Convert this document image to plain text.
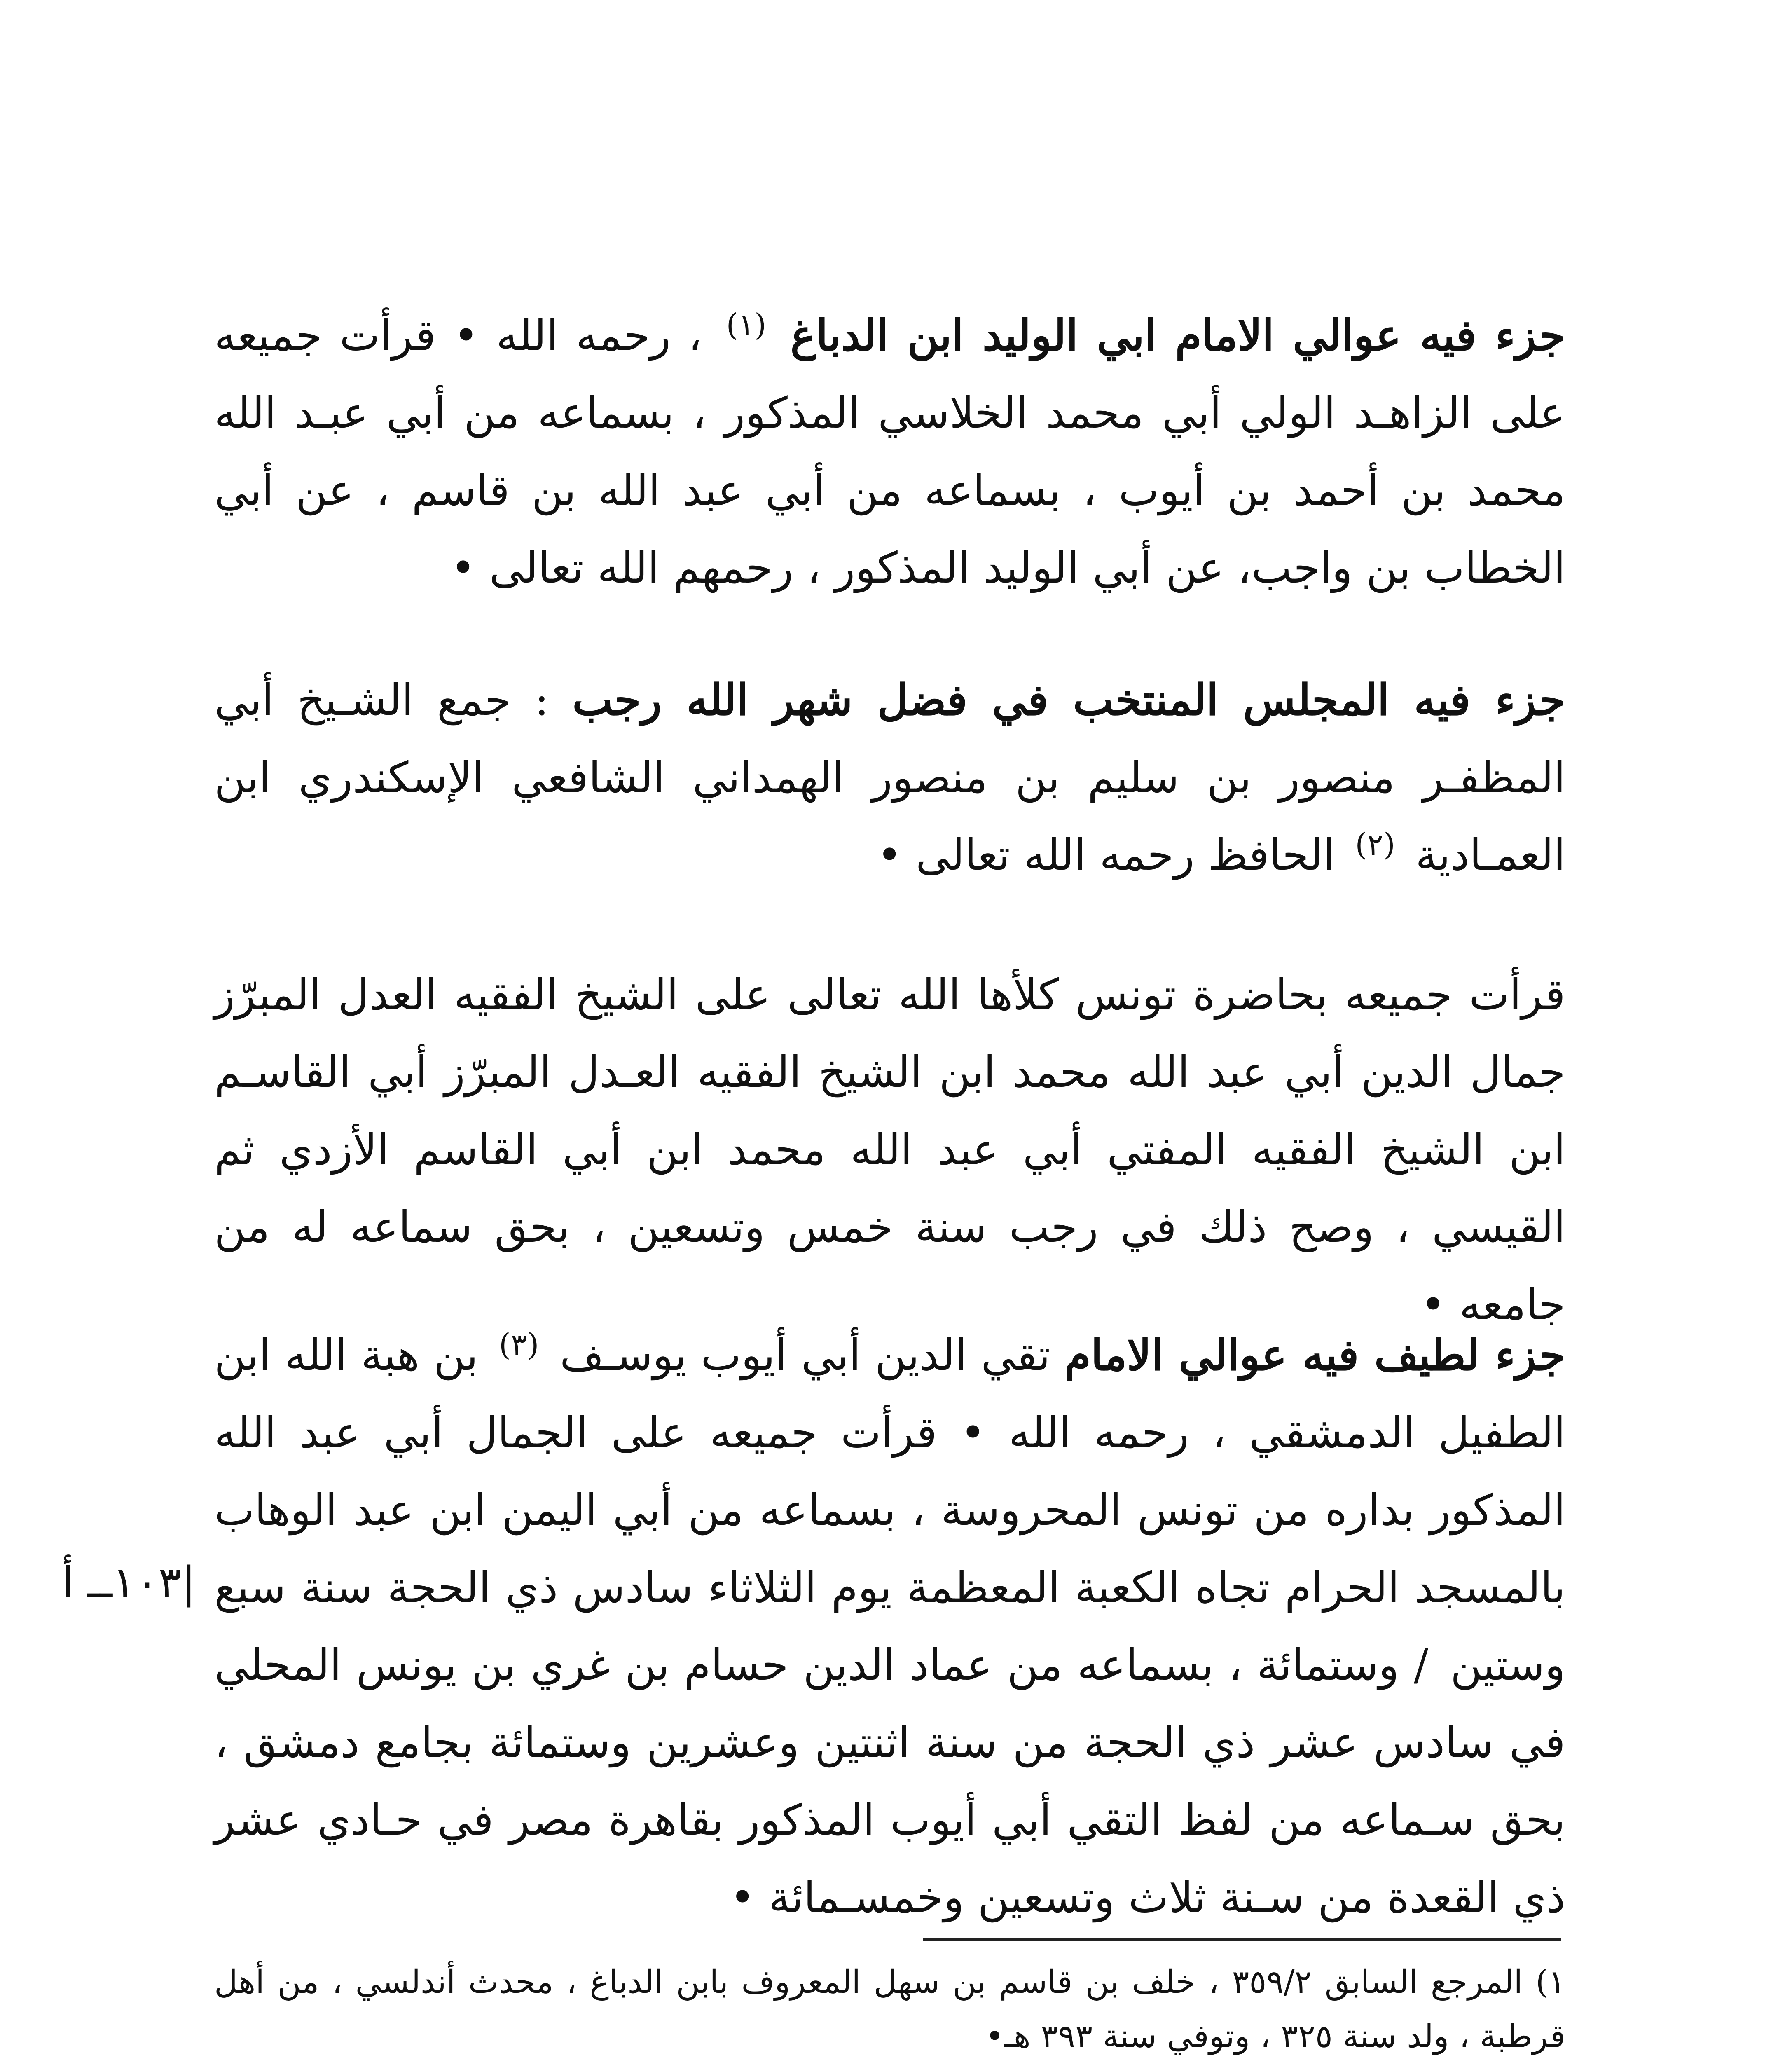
جزء فيه عوالي الامام ابي الوليد ابن الدباغ $^{(١)}$ ، رحمه الله • قرأت جميعه على الزاهـد الولي أبي محمد الخلاسي المذكور ، بسماعه من أبي عبـد الله محمد بن أحمد بن أيوب ، بسماعه من أبي عبد الله بن قاسم ، عن أبي الخطاب بن واجب، عن أبي الوليد المذكور ، رحمهم الله تعالى •
جزء فيه المجلس المنتخب في فضل شهر الله رجب : جمع الشـيخ أبي المظفـر منصور بن سليم بن منصور الهمداني الشافعي الإسكندري ابن العمـادية $^{(٢)}$ الحافظ رحمه الله تعالى •
قرأت جميعه بحاضرة تونس كلأها الله تعالى على الشيخ الفقيه العدل المبرّز جمال الدين أبي عبد الله محمد ابن الشيخ الفقيه العـدل المبرّز أبي القاسـم ابن الشيخ الفقيه المفتي أبي عبد الله محمد ابن أبي القاسم الأزدي ثم القيسي ، وصح ذلك في رجب سنة خمس وتسعين ، بحق سماعه له من جامعه •
جزء لطيف فيه عوالي الامام تقي الدين أبي أيوب يوسـف $^{(٣)}$ بن هبة الله ابن الطفيل الدمشقي ، رحمه الله • قرأت جميعه على الجمال أبي عبد الله المذكور بداره من تونس المحروسة ، بسماعه من أبي اليمن ابن عبد الوهاب بالمسجد الحرام تجاه الكعبة المعظمة يوم الثلاثاء سادس ذي الحجة سنة سبع وستين / وستمائة ، بسماعه من عماد الدين حسام بن غري بن يونس المحلي في سادس عشر ذي الحجة من سنة اثنتين وعشرين وستمائة بجامع دمشق ، بحق سـماعه من لفظ التقي أبي أيوب المذكور بقاهرة مصر في حـادي عشر ذي القعدة من سـنة ثلاث وتسعين وخمسـمائة •
|١٠٣ــ أ
١) المرجع السابق ٣٥٩/٢ ، خلف بن قاسم بن سهل المعروف بابن الدباغ ، محدث أندلسي ، من أهل قرطبة ، ولد سنة ٣٢٥ ، وتوفي سنة ٣٩٣ هـ•
